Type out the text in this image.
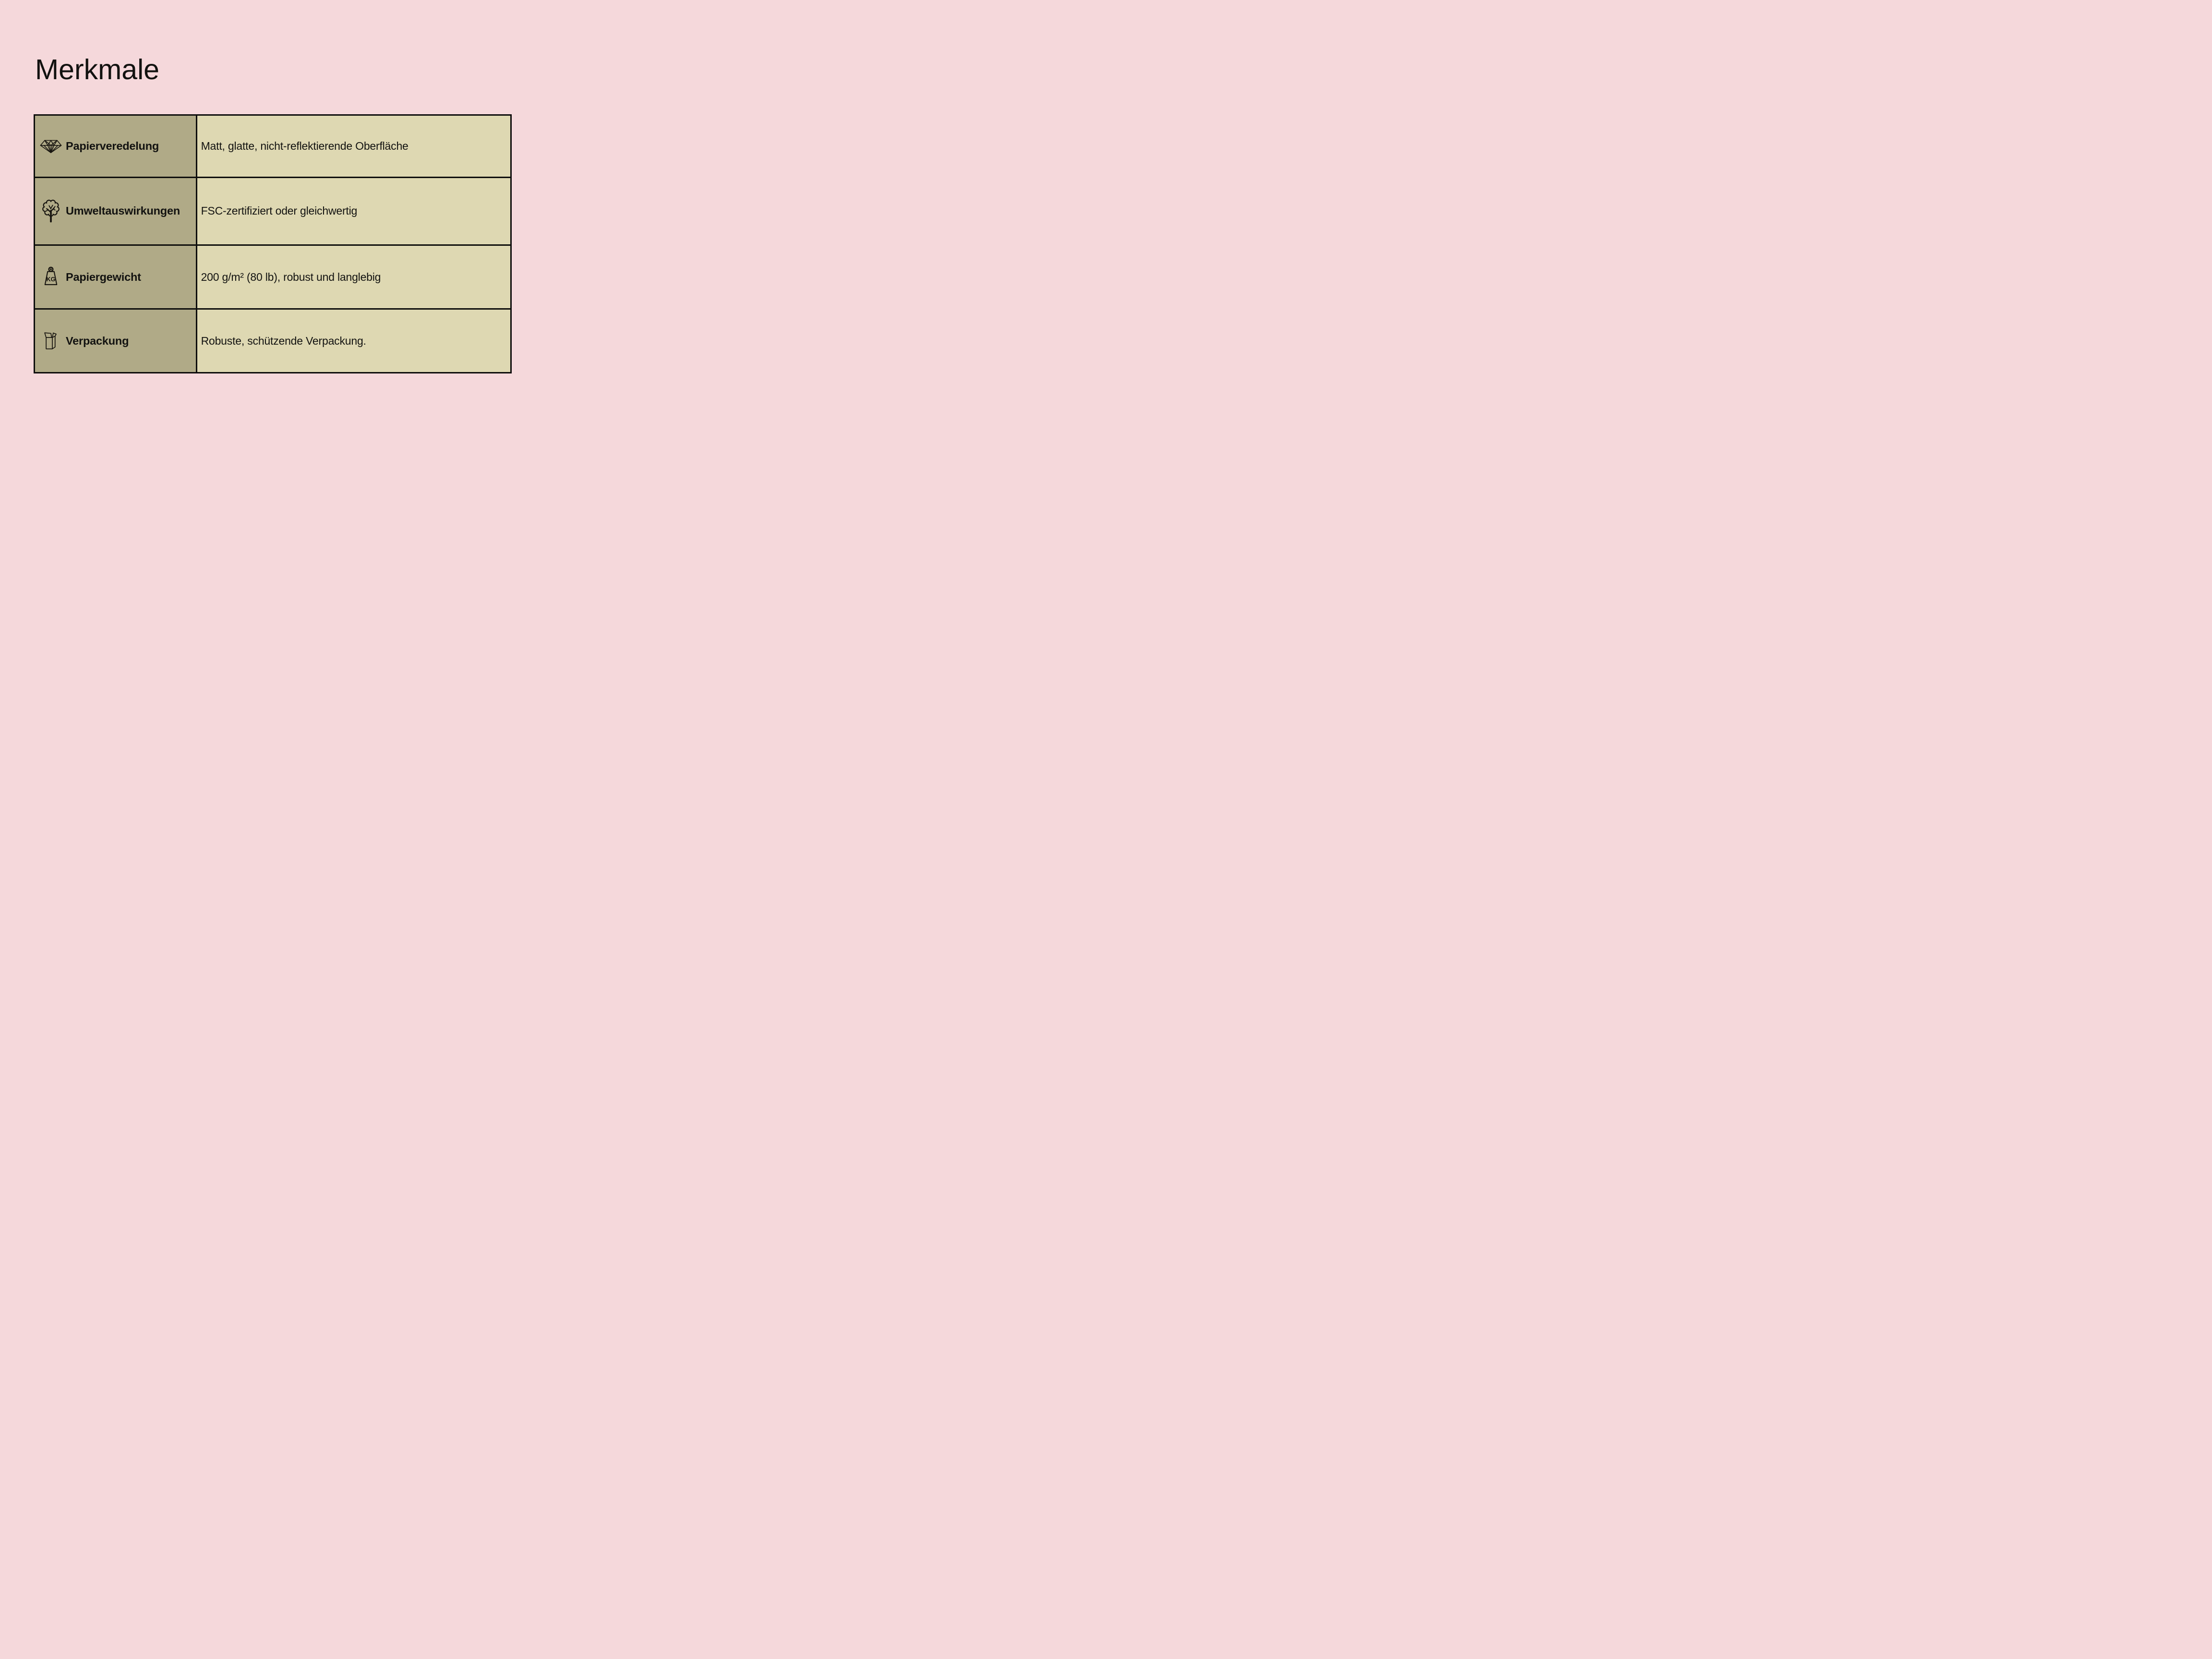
Merkmale
Papierveredelung	Matt, glatte, nicht-reflektierende Oberfläche
Umweltauswirkungen FSC-zertifiziert oder gleichwertig
KG Papiergewicht	200 g/m² (80 lb), robust und langlebig
Verpackung	Robuste, schützende Verpackung.
